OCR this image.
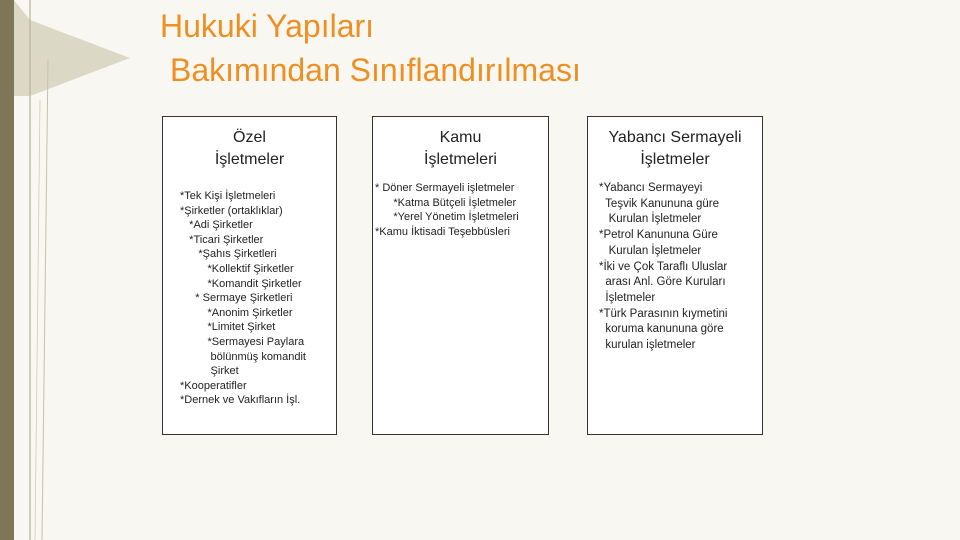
Hukuki Yapıları
Bakımından Sınıflandırılması
Özel
İşletmeler
*Tek Kişi İşletmeleri
*Şirketler (ortaklıklar)
*Adi Şirketler
*Ticari Şirketler
*Şahıs Şirketleri
*Kollektif Şirketler
*Komandit Şirketler
* Sermaye Şirketleri
*Anonim Şirketler
*Limitet Şirket
*Sermayesi Paylara
bölünmüş komandit
Şirket
*Kooperatifler
*Dernek ve Vakıfların İşl.
Kamu
İşletmeleri
* Döner Sermayeli işletmeler
*Katma Bütçeli İşletmeler
*Yerel Yönetim İşletmeleri
*Kamu İktisadi Teşebbüsleri
Yabancı Sermayeli
İşletmeler
*Yabancı Sermayeyi
Teşvik Kanununa güre
Kurulan İşletmeler
*Petrol Kanununa Güre
Kurulan İşletmeler
*İki ve Çok Taraflı Uluslar
arası Anl. Göre Kuruları
İşletmeler
*Türk Parasının kıymetini
koruma kanununa göre
kurulan işletmeler
